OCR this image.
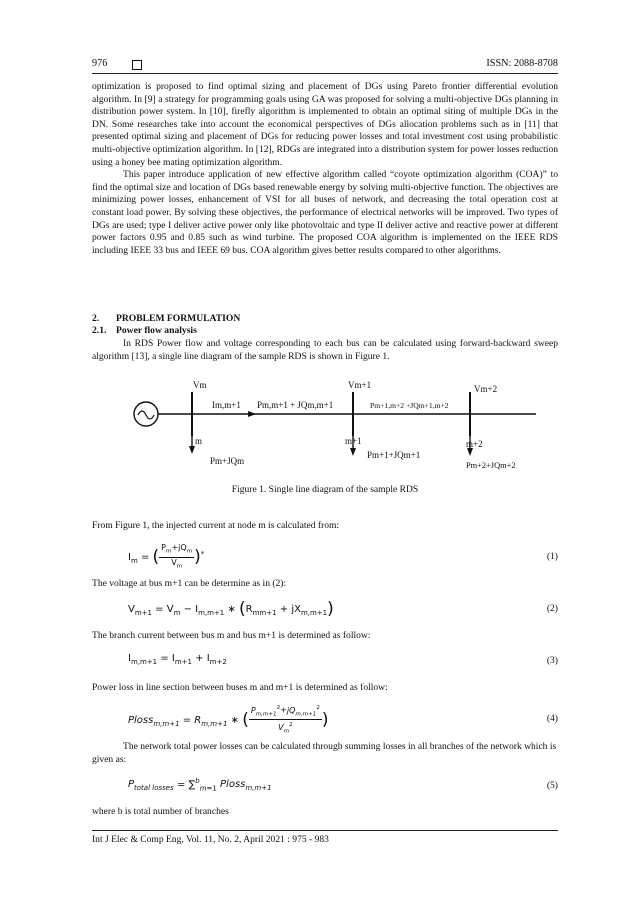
976	ISSN: 2088-8708
optimization is proposed to find optimal sizing and placement of DGs using Pareto frontier differential evolution algorithm. In [9] a strategy for programming goals using GA was proposed for solving a multi-objective DGs planning in distribution power system. In [10], firefly algorithm is implemented to obtain an optimal siting of multiple DGs in the DN. Some researches take into account the economical perspectives of DGs allocation problems such as in [11] that presented optimal sizing and placement of DGs for reducing power losses and total investment cost using probabilistic multi-objective optimization algorithm. In [12], RDGs are integrated into a distribution system for power losses reduction using a honey bee mating optimization algorithm.
This paper introduce application of new effective algorithm called “coyote optimization algorithm (COA)” to find the optimal size and location of DGs based renewable energy by solving multi-objective function. The objectives are minimizing power losses, enhancement of VSI for all buses of network, and decreasing the total operation cost at constant load power. By solving these objectives, the performance of electrical networks will be improved. Two types of DGs are used; type I deliver active power only like photovoltaic and type II deliver active and reactive power at different power factors 0.95 and 0.85 such as wind turbine. The proposed COA algorithm is implemented on the IEEE RDS including IEEE 33 bus and IEEE 69 bus. COA algorithm gives better results compared to other algorithms.
2. PROBLEM FORMULATION
2.1. Power flow analysis
In RDS Power flow and voltage corresponding to each bus can be calculated using forward-backward sweep algorithm [13], a single line diagram of the sample RDS is shown in Figure 1.
Vm	Vm+1	Vm+2
Im,m+1 Pm,m+1 + JQm,m+1	Pm+1,m+2 +JQm+1,m+2
m	m+1	m+2
Pm+JQm
Pm+1+JQm+1
Pm+2+JQm+2
Figure 1. Single line diagram of the sample RDS
From Figure 1, the injected current at node m is calculated from:
$I_m$ = ( $\frac{P_m+jQ_m}{V_m} )^*$	(1)
The voltage at bus m+1 can be determine as in (2):
$V_{m+1} = V_m - I_{m,m+1}$ ∗ $(R_{mm+1} + jX_{m,m+1})$	(2)
The branch current between bus m and bus m+1 is determined as follow:
$I_{m,m+1} = I_{m+1} + I_{m+2}$	(3)
Power loss in line section between buses m and m+1 is determined as follow:
Ploss$_{m,m+1}$ = $R_{m,m+1}$ ∗ ( $\frac{P_{m,m+1}^2+jQ_{m,m+1}^2}{V_m^2}$ )	(4)
The network total power losses can be calculated through summing losses in all branches of the network which is given as:
$P_{total losses} = \sum^b_{m=1}$ Ploss$_{m,m+1}$	(5)
where b is total number of branches
Int J Elec & Comp Eng, Vol. 11, No. 2, April 2021 : 975 - 983
